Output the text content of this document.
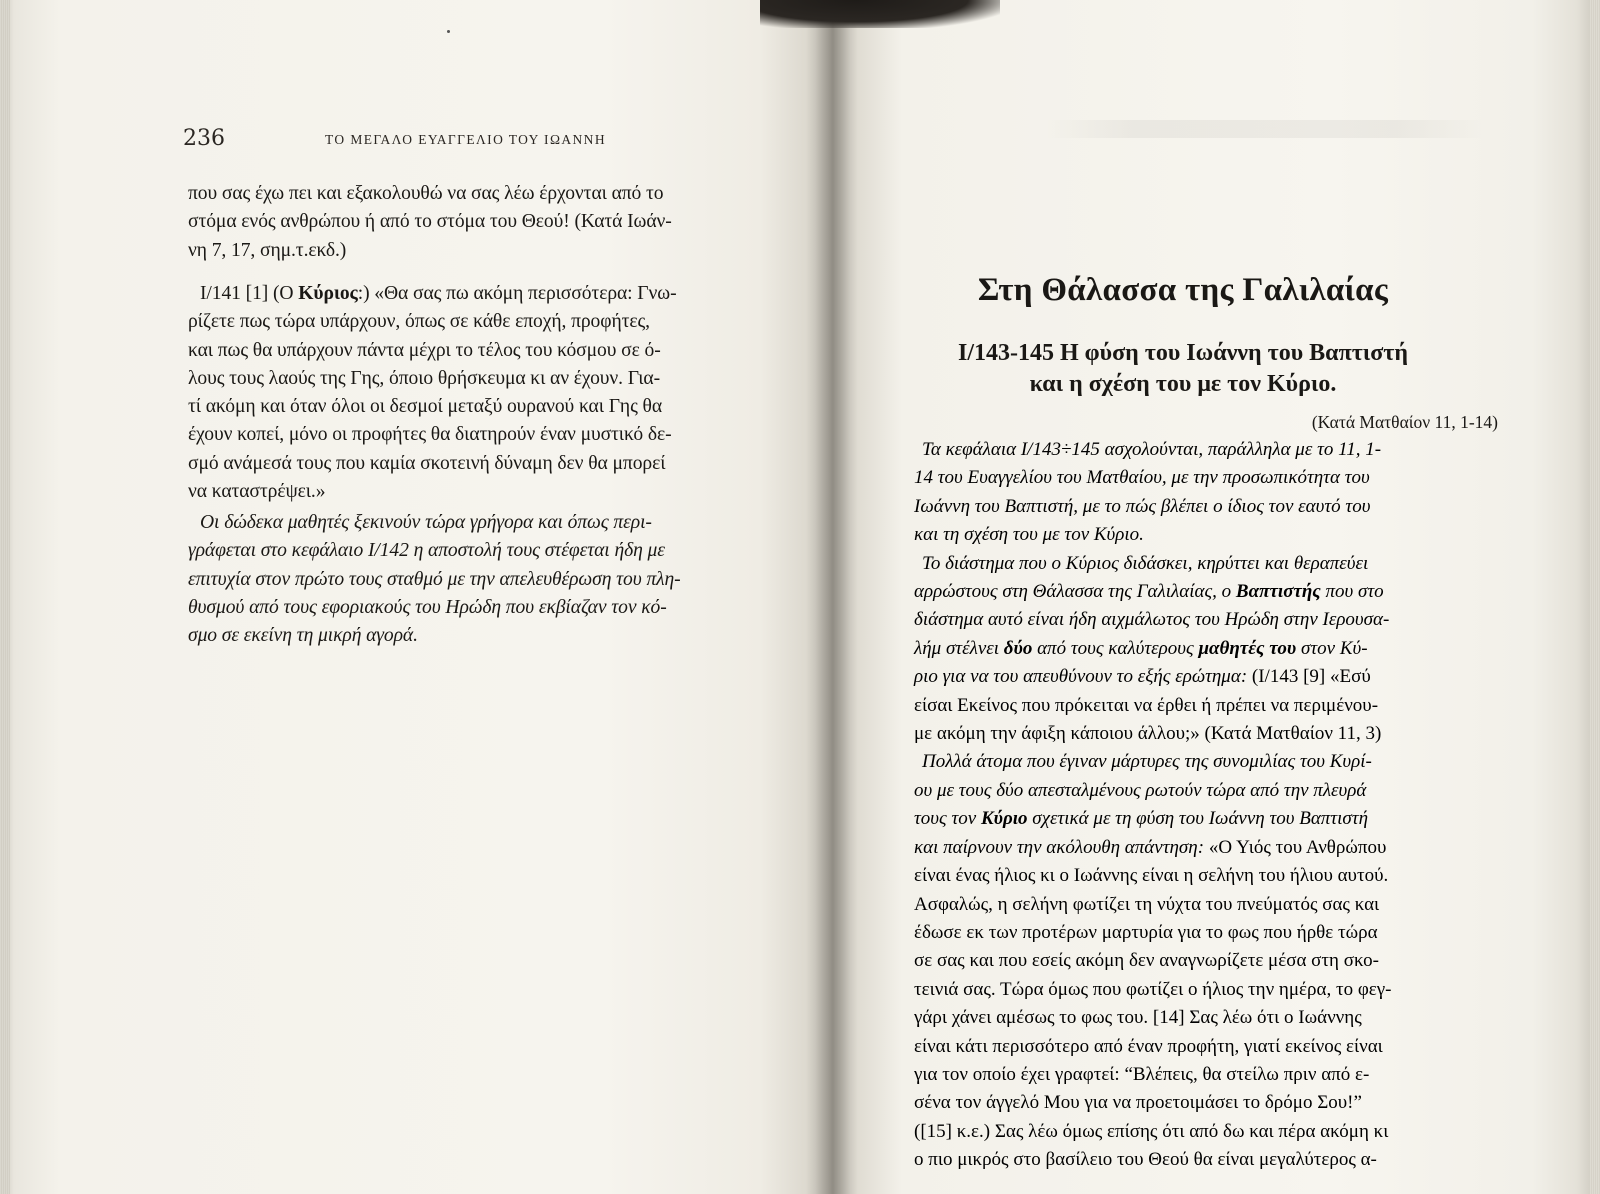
236	ΤΟ ΜΕΓΑΛΟ ΕΥΑΓΓΕΛΙΟ ΤΟΥ ΙΩΑΝΝΗ
που σας έχω πει και εξακολουθώ να σας λέω έρχονται από το
στόμα ενός ανθρώπου ή από το στόμα του Θεού! (Κατά Ιωάν-
νη 7, 17, σημ.τ.εκδ.)
I/141 [1] (Ο Κύριος:) «Θα σας πω ακόμη περισσότερα: Γνω-
ρίζετε πως τώρα υπάρχουν, όπως σε κάθε εποχή, προφήτες,
και πως θα υπάρχουν πάντα μέχρι το τέλος του κόσμου σε ό-
λους τους λαούς της Γης, όποιο θρήσκευμα κι αν έχουν. Για-
τί ακόμη και όταν όλοι οι δεσμοί μεταξύ ουρανού και Γης θα
έχουν κοπεί, μόνο οι προφήτες θα διατηρούν έναν μυστικό δε-
σμό ανάμεσά τους που καμία σκοτεινή δύναμη δεν θα μπορεί
να καταστρέψει.»
Οι δώδεκα μαθητές ξεκινούν τώρα γρήγορα και όπως περι-
γράφεται στο κεφάλαιο I/142 η αποστολή τους στέφεται ήδη με
επιτυχία στον πρώτο τους σταθμό με την απελευθέρωση του πλη-
θυσμού από τους εφοριακούς του Ηρώδη που εκβίαζαν τον κό-
σμο σε εκείνη τη μικρή αγορά.
Στη Θάλασσα της Γαλιλαίας
I/143-145 Η φύση του Ιωάννη του Βαπτιστή
και η σχέση του με τον Κύριο.
(Κατά Ματθαίον 11, 1-14)
Τα κεφάλαια I/143÷145 ασχολούνται, παράλληλα με το 11, 1-
14 του Ευαγγελίου του Ματθαίου, με την προσωπικότητα του
Ιωάννη του Βαπτιστή, με το πώς βλέπει ο ίδιος τον εαυτό του
και τη σχέση του με τον Κύριο.
Το διάστημα που ο Κύριος διδάσκει, κηρύττει και θεραπεύει
αρρώστους στη Θάλασσα της Γαλιλαίας, ο Βαπτιστής που στο
διάστημα αυτό είναι ήδη αιχμάλωτος του Ηρώδη στην Ιερουσα-
λήμ στέλνει δύο από τους καλύτερους μαθητές του στον Κύ-
ριο για να του απευθύνουν το εξής ερώτημα: (I/143 [9] «Εσύ
είσαι Εκείνος που πρόκειται να έρθει ή πρέπει να περιμένου-
με ακόμη την άφιξη κάποιου άλλου;» (Κατά Ματθαίον 11, 3)
Πολλά άτομα που έγιναν μάρτυρες της συνομιλίας του Κυρί-
ου με τους δύο απεσταλμένους ρωτούν τώρα από την πλευρά
τους τον Κύριο σχετικά με τη φύση του Ιωάννη του Βαπτιστή
και παίρνουν την ακόλουθη απάντηση: «Ο Υιός του Ανθρώπου
είναι ένας ήλιος κι ο Ιωάννης είναι η σελήνη του ήλιου αυτού.
Ασφαλώς, η σελήνη φωτίζει τη νύχτα του πνεύματός σας και
έδωσε εκ των προτέρων μαρτυρία για το φως που ήρθε τώρα
σε σας και που εσείς ακόμη δεν αναγνωρίζετε μέσα στη σκο-
τεινιά σας. Τώρα όμως που φωτίζει ο ήλιος την ημέρα, το φεγ-
γάρι χάνει αμέσως το φως του. [14] Σας λέω ότι ο Ιωάννης
είναι κάτι περισσότερο από έναν προφήτη, γιατί εκείνος είναι
για τον οποίο έχει γραφτεί: “Βλέπεις, θα στείλω πριν από ε-
σένα τον άγγελό Μου για να προετοιμάσει το δρόμο Σου!”
([15] κ.ε.) Σας λέω όμως επίσης ότι από δω και πέρα ακόμη κι
ο πιο μικρός στο βασίλειο του Θεού θα είναι μεγαλύτερος α-
